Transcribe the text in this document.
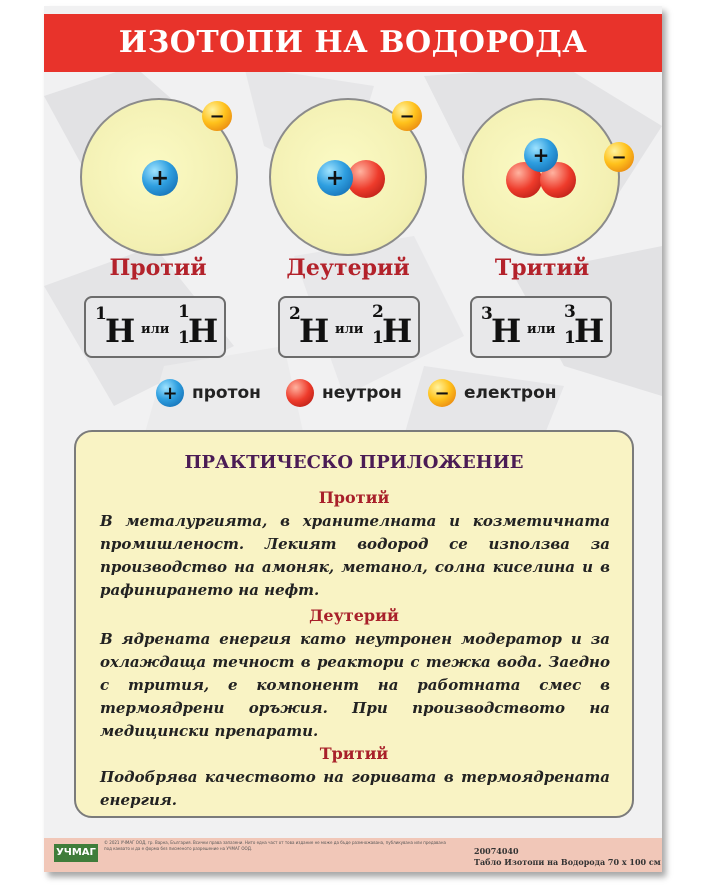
ИЗОТОПИ НА ВОДОРОДА
+
−
+
−
+	−
Протий	Деутерий	Тритий
1
H или
1
1
H	2
H или
2
1
H	3
H или
3
1
H
+ протон	неутрон	− електрон
ПРАКТИЧЕСКО ПРИЛОЖЕНИЕ
Протий
В металургията, в хранителната и козметичната промишленост. Лекият водород се използва за производство на амоняк, метанол, солна киселина и в рафинирането на нефт.
Деутерий
В ядрената енергия като неутронен модератор и за охлаждаща течност в реактори с тежка вода. Заедно с трития, е компонент на работната смес в термоядрени оръжия. При производството на медицински препарати.
Тритий
Подобрява качеството на горивата в термоядрената енергия.
УЧМАГ
© 2021 УЧМАГ ООД, гр. Варна, България. Всички права запазени. Нито една част от това издание не може да бъде размножавана, публикувана или предавана под каквато и да е форма без писменото разрешение на УЧМАГ ООД.	20074040
Табло Изотопи на Водорода 70 х 100 см
